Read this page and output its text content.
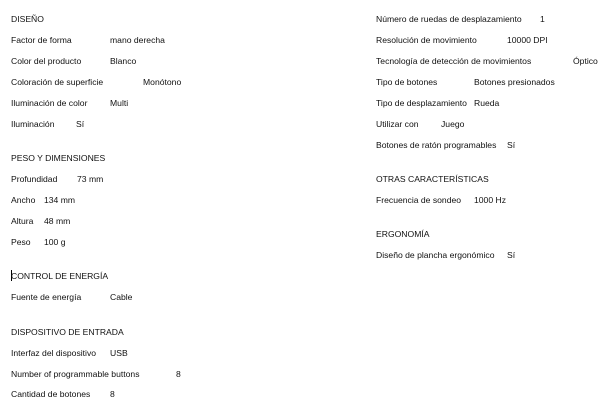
DISEÑO
Factor de forma	mano derecha
Color del producto	Blanco
Coloración de superficie	Monótono
Iluminación de color	Multi
Iluminación	Sí
PESO Y DIMENSIONES
Profundidad 73 mm
Ancho 134 mm
Altura 48 mm
Peso 100 g
CONTROL DE ENERGÍA
Fuente de energía	Cable
DISPOSITIVO DE ENTRADA
Interfaz del dispositivo USB
Number of programmable buttons	8
Cantidad de botones 8
Número de ruedas de desplazamiento 1
Resolución de movimiento	10000 DPI
Tecnología de detección de movimientos	Óptico
Tipo de botones	Botones presionados
Tipo de desplazamiento Rueda
Utilizar con	Juego
Botones de ratón programables Sí
OTRAS CARACTERÍSTICAS
Frecuencia de sondeo 1000 Hz
ERGONOMÍA
Diseño de plancha ergonómico Sí
